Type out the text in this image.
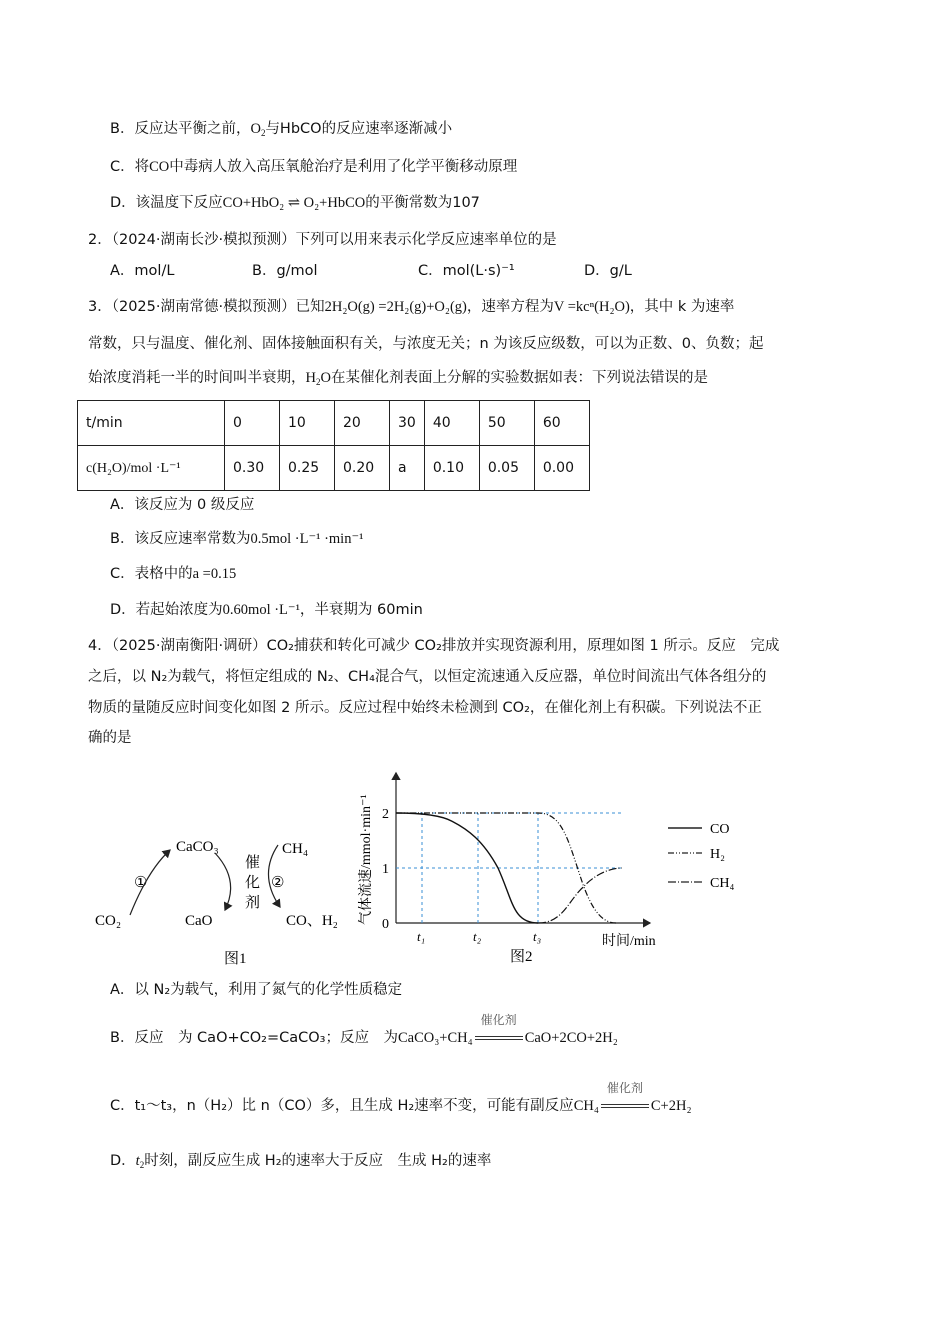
B．反应达平衡之前，$O_2$与HbCO的反应速率逐渐减小
C．将CO中毒病人放入高压氧舱治疗是利用了化学平衡移动原理
D．该温度下反应CO+HbO₂ ⇌ O₂+HbCO的平衡常数为107
2．（2024·湖南长沙·模拟预测）下列可以用来表示化学反应速率单位的是
A．mol/L	B．g/mol	C．mol(L·s)⁻¹	D．g/L
3．（2025·湖南常德·模拟预测）已知2H₂O(g) =2H₂(g)+O₂(g)，速率方程为V =kcⁿ(H₂O)，其中 k 为速率
常数，只与温度、催化剂、固体接触面积有关，与浓度无关；n 为该反应级数，可以为正数、0、负数；起
始浓度消耗一半的时间叫半衰期，$H_2O$在某催化剂表面上分解的实验数据如表：下列说法错误的是
t/min	0	10	20	30	40	50	60
c(H₂O)/mol ·L⁻¹	0.30	0.25	0.20	a	0.10	0.05	0.00
A．该反应为 0 级反应
B．该反应速率常数为0.5mol ·L⁻¹ ·min⁻¹
C．表格中的a =0.15
D．若起始浓度为0.60mol ·L⁻¹，半衰期为 60min
4．（2025·湖南衡阳·调研）CO₂捕获和转化可减少 CO₂排放并实现资源利用，原理如图 1 所示。反应　完成
之后，以 N₂为载气，将恒定组成的 N₂、CH₄混合气，以恒定流速通入反应器，单位时间流出气体各组分的
物质的量随反应时间变化如图 2 所示。反应过程中始终未检测到 CO₂，在催化剂上有积碳。下列说法不正
确的是
CaCO₃	CH₄
催
化
剂
①	②
CO₂	CaO	CO、H₂
图1
气体流速/mmol·min⁻¹ 0
1
2
t₁	t₂	t₃	时间/min
图2
CO
H₂
CH₄
A．以 N₂为载气，利用了氮气的化学性质稳定
B．反应　为 CaO+CO₂=CaCO₃；反应　为CaCO₃+CH₄
催化剂
CaO+2CO+2H₂
C．t₁～t₃，n（H₂）比 n（CO）多，且生成 H₂速率不变，可能有副反应CH₄
催化剂
C+2H₂
D．$t_2$时刻，副反应生成 H₂的速率大于反应　生成 H₂的速率
